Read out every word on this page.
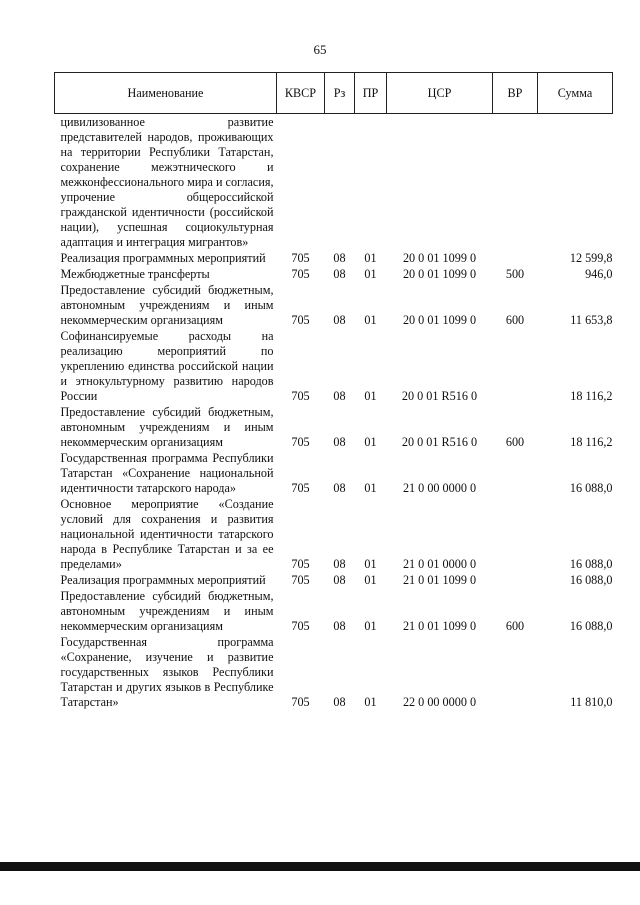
65
Наименование	КВСР	Рз	ПР	ЦСР	ВР	Сумма
цивилизованное развитие представителей народов, проживающих на территории Республики Татарстан, сохранение межэтнического и межконфессионального мира и согласия, упрочение общероссийской гражданской идентичности (российской нации), успешная социокультурная адаптация и интеграция мигрантов»						
Реализация программных мероприятий	705	08	01	20 0 01 1099 0		12 599,8
Межбюджетные трансферты	705	08	01	20 0 01 1099 0	500	946,0
Предоставление субсидий бюджетным, автономным учреждениям и иным некоммерческим организациям	705	08	01	20 0 01 1099 0	600	11 653,8
Софинансируемые расходы на реализацию мероприятий по укреплению единства российской нации и этнокультурному развитию народов России	705	08	01	20 0 01 R516 0		18 116,2
Предоставление субсидий бюджетным, автономным учреждениям и иным некоммерческим организациям	705	08	01	20 0 01 R516 0	600	18 116,2
Государственная программа Республики Татарстан «Сохранение национальной идентичности татарского народа»	705	08	01	21 0 00 0000 0		16 088,0
Основное мероприятие «Создание условий для сохранения и развития национальной идентичности татарского народа в Республике Татарстан и за ее пределами»	705	08	01	21 0 01 0000 0		16 088,0
Реализация программных мероприятий	705	08	01	21 0 01 1099 0		16 088,0
Предоставление субсидий бюджетным, автономным учреждениям и иным некоммерческим организациям	705	08	01	21 0 01 1099 0	600	16 088,0
Государственная программа «Сохранение, изучение и развитие государственных языков Республики Татарстан и других языков в Республике Татарстан»	705	08	01	22 0 00 0000 0		11 810,0
